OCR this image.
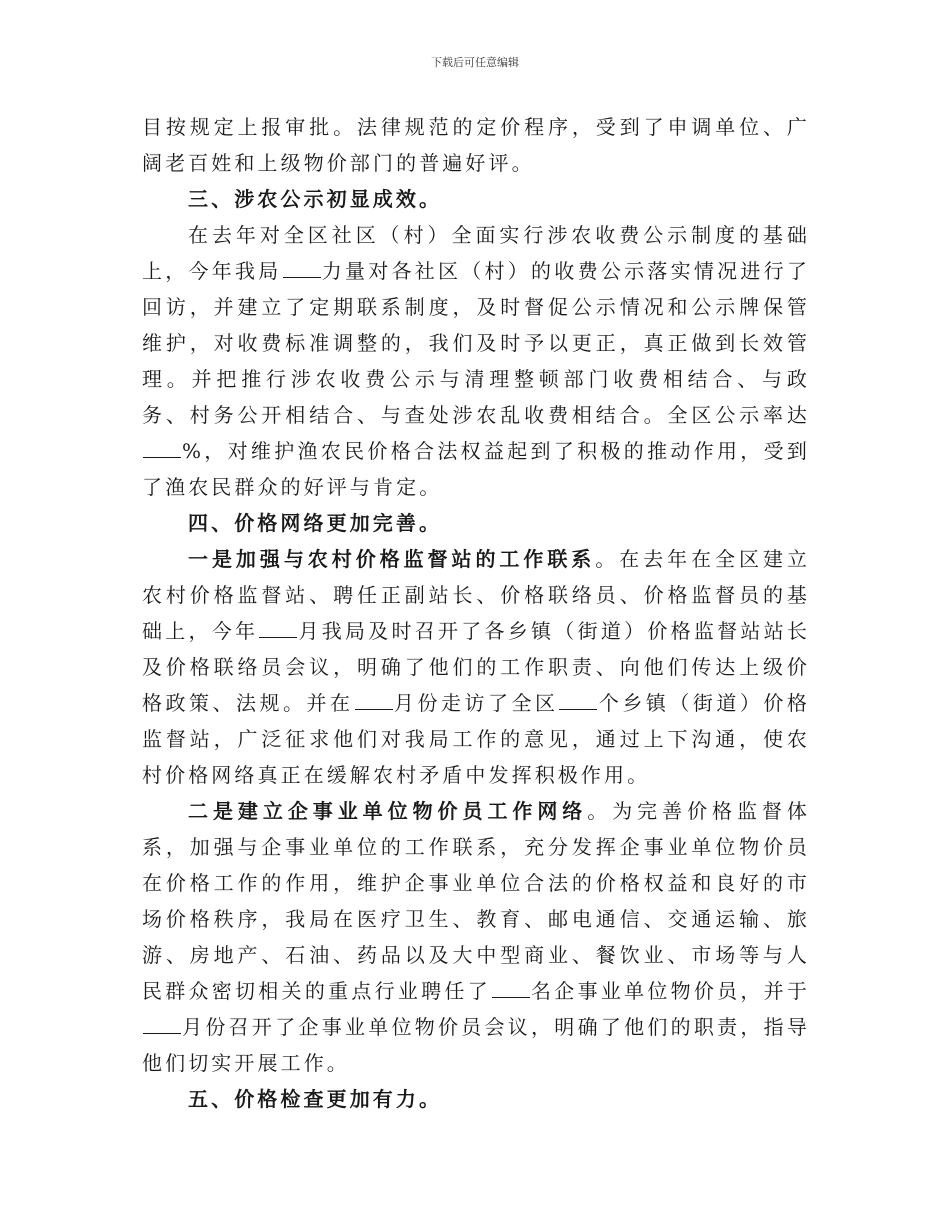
下载后可任意编辑

目按规定上报审批。法律规范的定价程序，受到了申调单位、广阔老百姓和上级物价部门的普遍好评。

三、涉农公示初显成效。

在去年对全区社区（村）全面实行涉农收费公示制度的基础上，今年我局 力量对各社区（村）的收费公示落实情况进行了回访，并建立了定期联系制度，及时督促公示情况和公示牌保管维护，对收费标准调整的，我们及时予以更正，真正做到长效管理。并把推行涉农收费公示与清理整顿部门收费相结合、与政务、村务公开相结合、与查处涉农乱收费相结合。全区公示率达%，对维护渔农民价格合法权益起到了积极的推动作用，受到了渔农民群众的好评与肯定。

四、价格网络更加完善。

一是加强与农村价格监督站的工作联系。在去年在全区建立农村价格监督站、聘任正副站长、价格联络员、价格监督员的基础上，今年 月我局及时召开了各乡镇（街道）价格监督站站长及价格联络员会议，明确了他们的工作职责、向他们传达上级价格政策、法规。并在 月份走访了全区 个乡镇（街道）价格监督站，广泛征求他们对我局工作的意见，通过上下沟通，使农村价格网络真正在缓解农村矛盾中发挥积极作用。

二是建立企事业单位物价员工作网络。为完善价格监督体系，加强与企事业单位的工作联系，充分发挥企事业单位物价员在价格工作的作用，维护企事业单位合法的价格权益和良好的市场价格秩序，我局在医疗卫生、教育、邮电通信、交通运输、旅游、房地产、石油、药品以及大中型商业、餐饮业、市场等与人民群众密切相关的重点行业聘任了 名企事业单位物价员，并于月份召开了企事业单位物价员会议，明确了他们的职责，指导他们切实开展工作。

五、价格检查更加有力。
